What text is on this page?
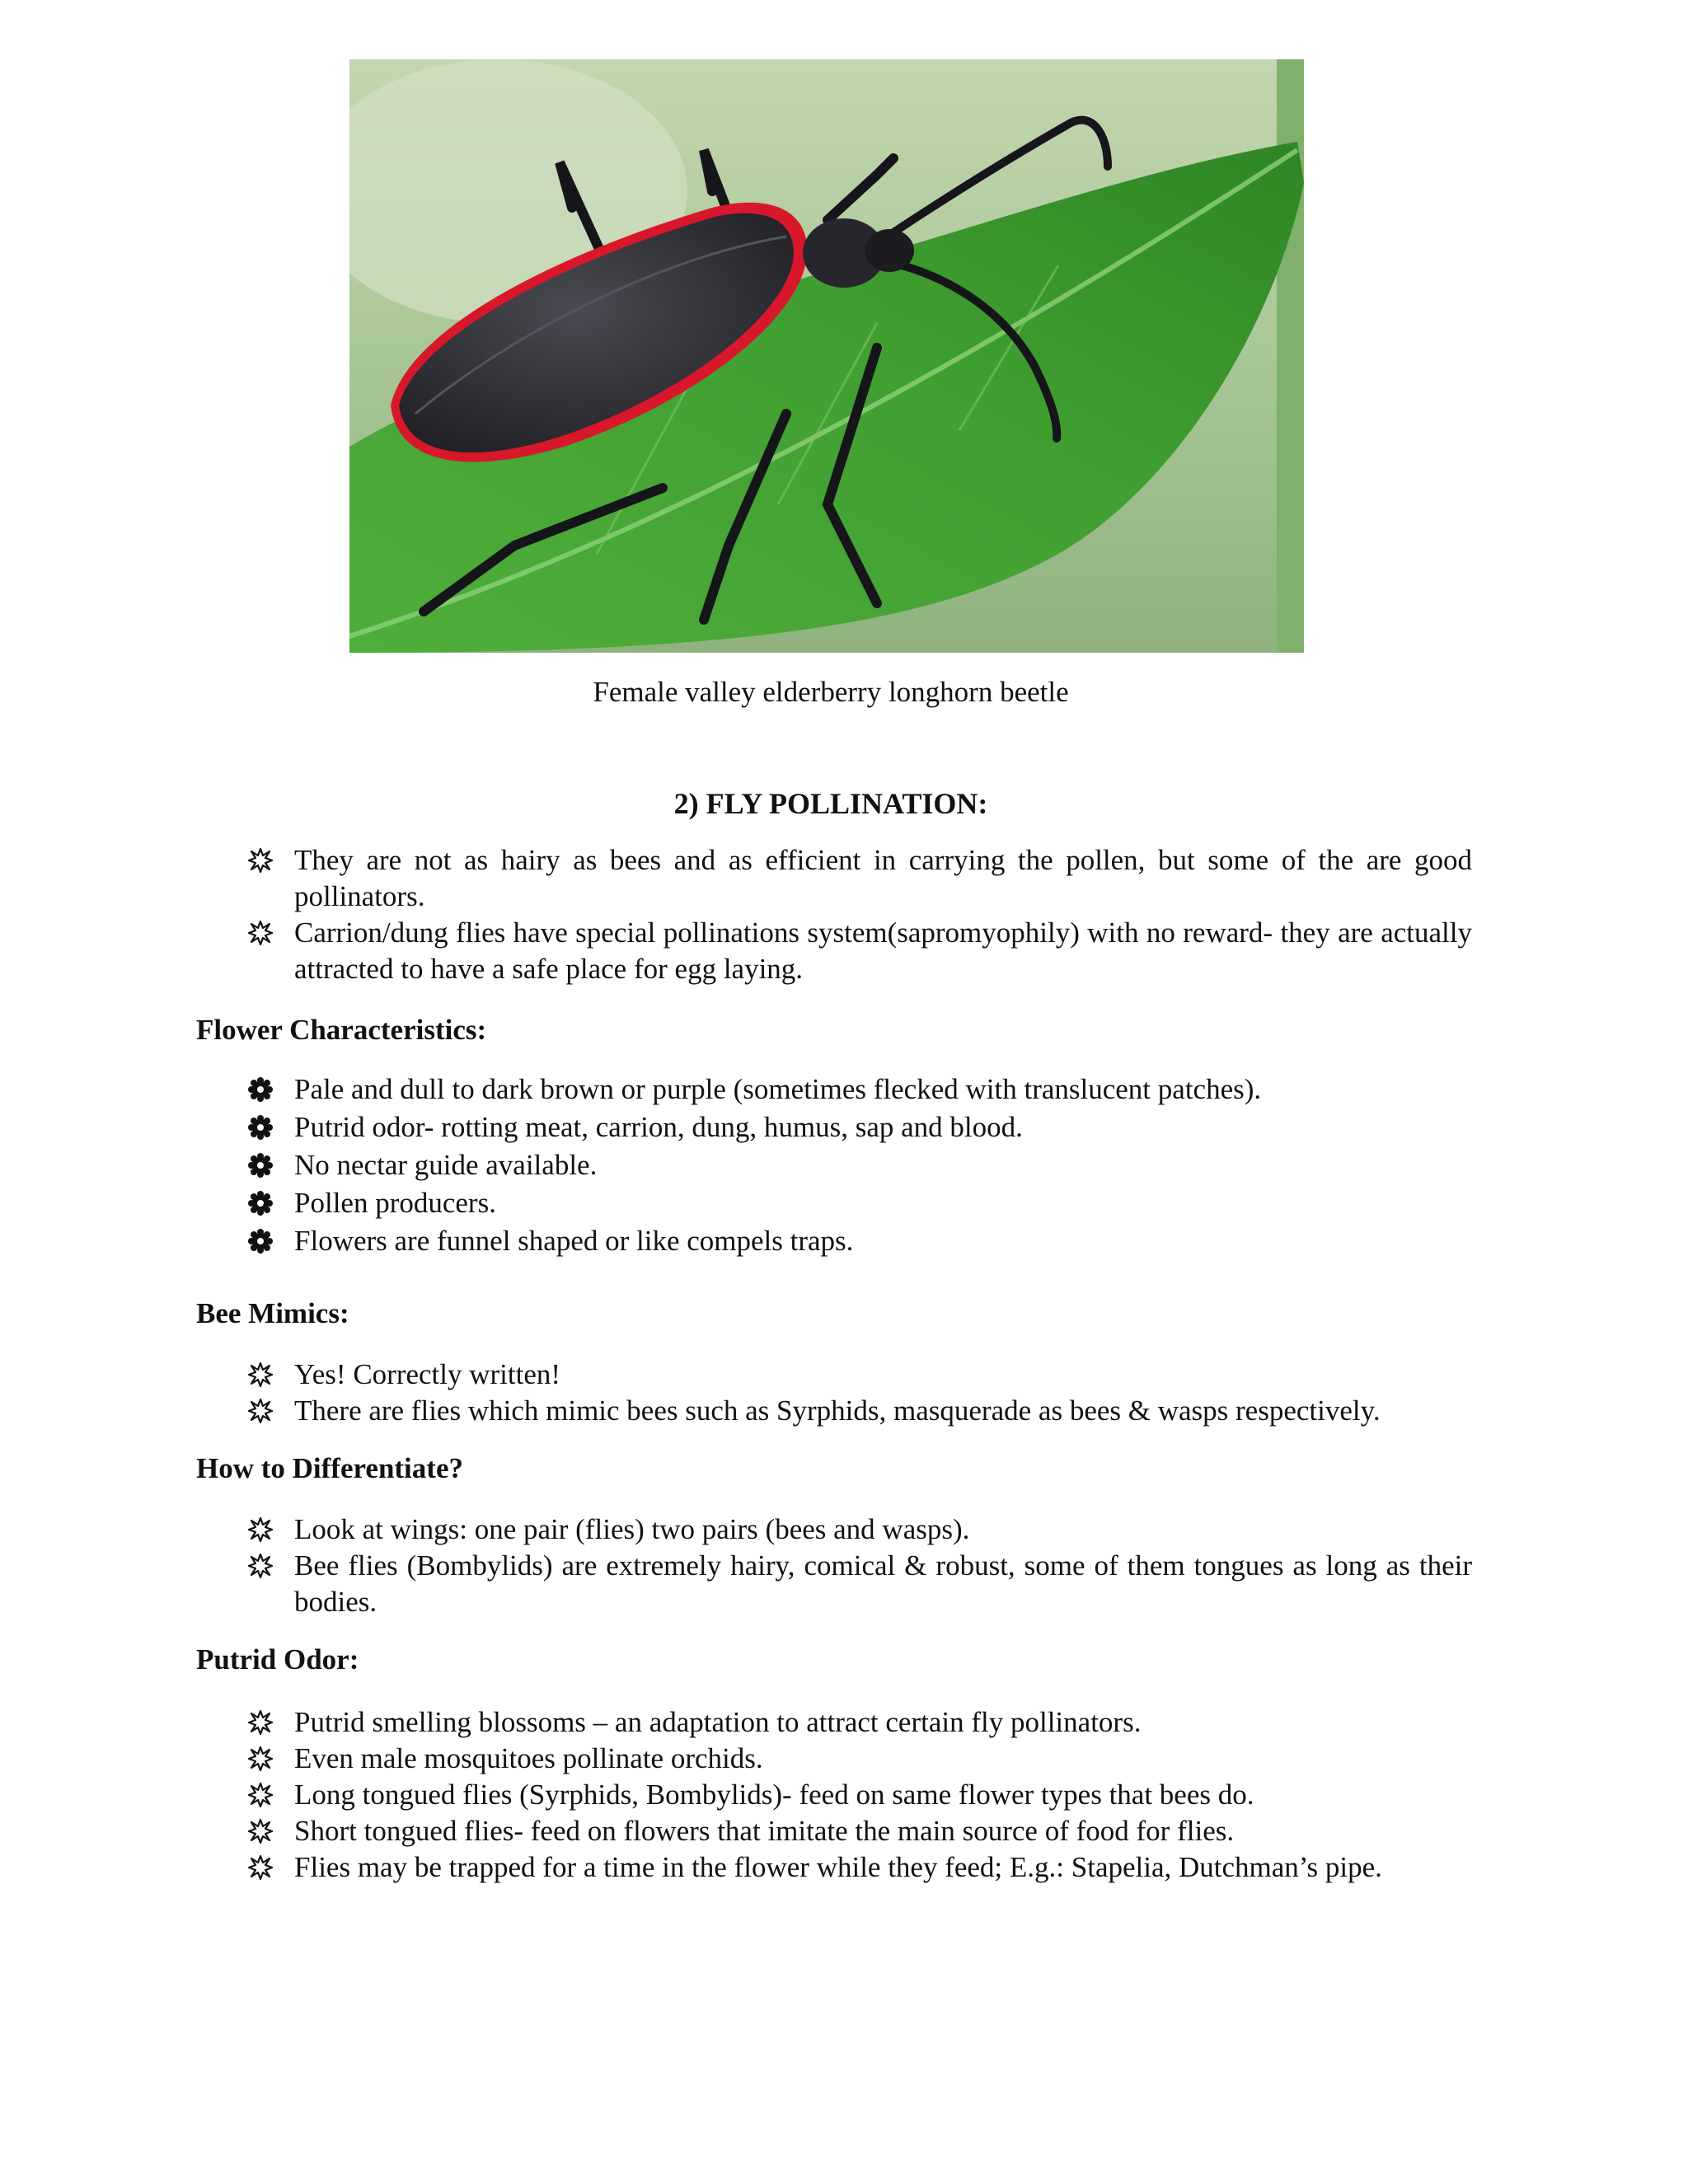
Female valley elderberry longhorn beetle
2) FLY POLLINATION:
They are not as hairy as bees and as efficient in carrying the pollen, but some of the are good pollinators.
Carrion/dung flies have special pollinations system(sapromyophily) with no reward- they are actually attracted to have a safe place for egg laying.
Flower Characteristics:
Pale and dull to dark brown or purple (sometimes flecked with translucent patches).
Putrid odor- rotting meat, carrion, dung, humus, sap and blood.
No nectar guide available.
Pollen producers.
Flowers are funnel shaped or like compels traps.
Bee Mimics:
Yes! Correctly written!
There are flies which mimic bees such as Syrphids, masquerade as bees & wasps respectively.
How to Differentiate?
Look at wings: one pair (flies) two pairs (bees and wasps).
Bee flies (Bombylids) are extremely hairy, comical & robust, some of them tongues as long as their bodies.
Putrid Odor:
Putrid smelling blossoms – an adaptation to attract certain fly pollinators.
Even male mosquitoes pollinate orchids.
Long tongued flies (Syrphids, Bombylids)- feed on same flower types that bees do.
Short tongued flies- feed on flowers that imitate the main source of food for flies.
Flies may be trapped for a time in the flower while they feed; E.g.: Stapelia, Dutchman’s pipe.
